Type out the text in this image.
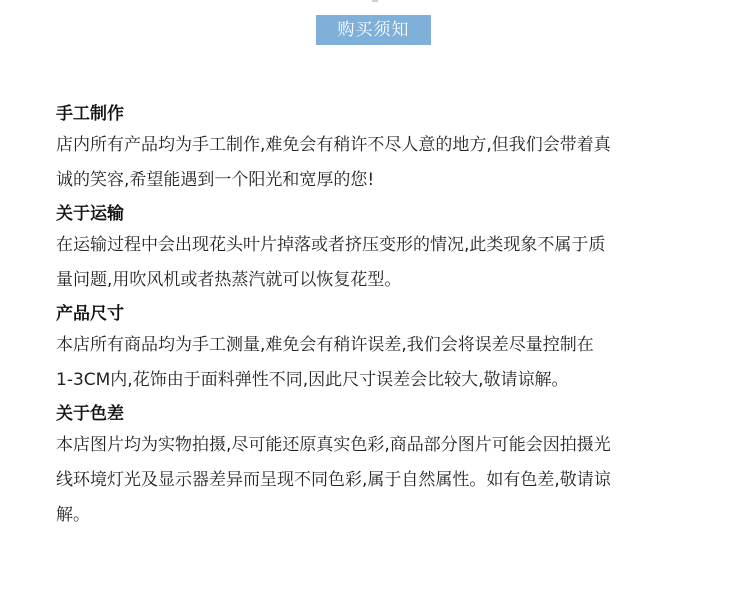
购买须知
手工制作
店内所有产品均为手工制作,难免会有稍许不尽人意的地方,但我们会带着真
诚的笑容,希望能遇到一个阳光和宽厚的您!
关于运输
在运输过程中会出现花头叶片掉落或者挤压变形的情况,此类现象不属于质
量问题,用吹风机或者热蒸汽就可以恢复花型。
产品尺寸
本店所有商品均为手工测量,难免会有稍许误差,我们会将误差尽量控制在
1-3CM内,花饰由于面料弹性不同,因此尺寸误差会比较大,敬请谅解。
关于色差
本店图片均为实物拍摄,尽可能还原真实色彩,商品部分图片可能会因拍摄光
线环境灯光及显示器差异而呈现不同色彩,属于自然属性。如有色差,敬请谅
解。
